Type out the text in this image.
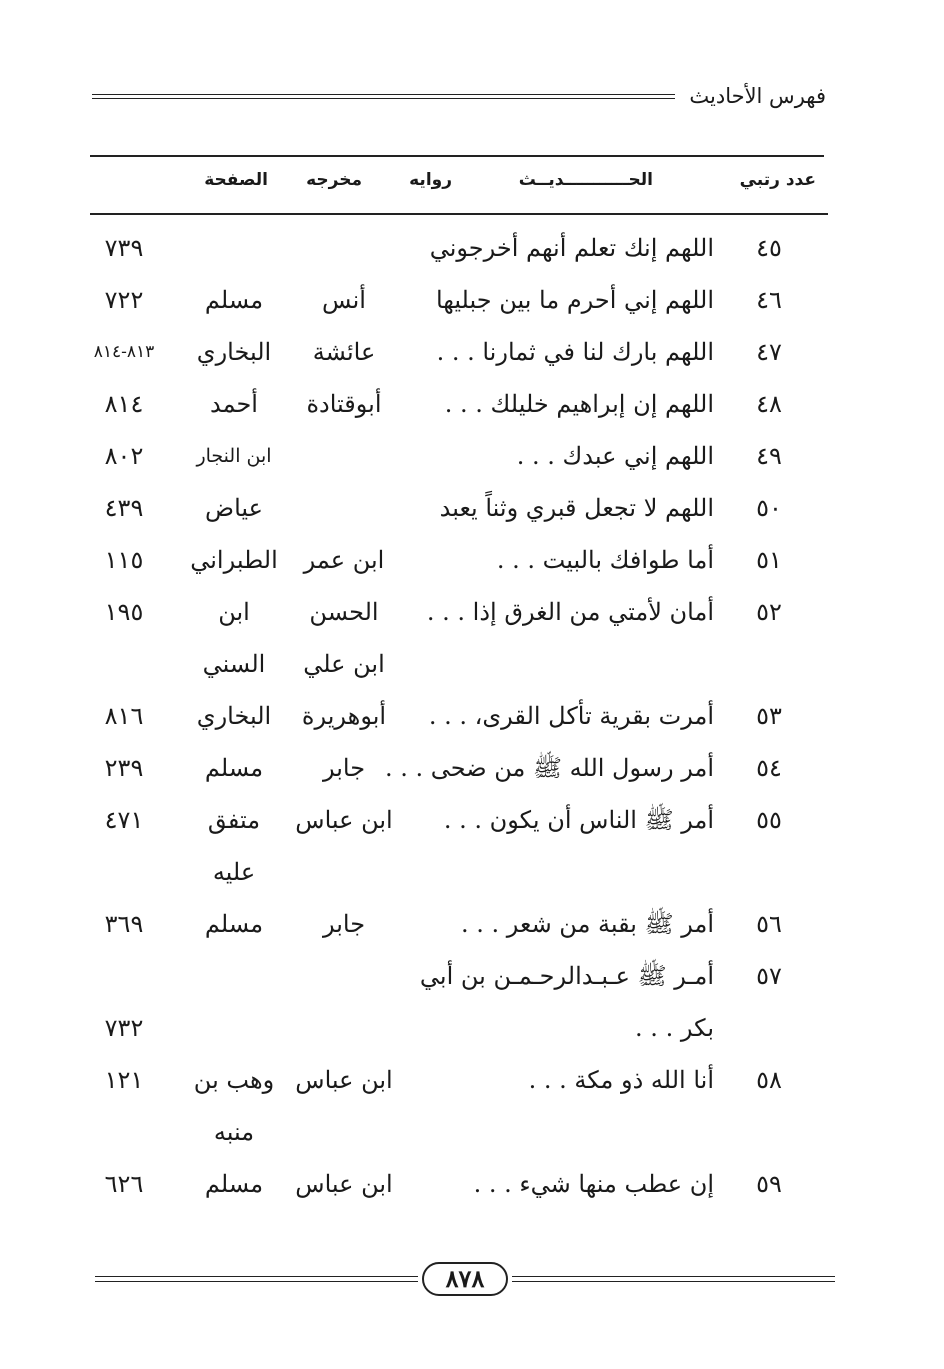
فهرس الأحاديث
عدد رتبي
الحـــــــــــديــث
روايه
مخرجه
الصفحة
٤٥
اللهم إنك تعلم أنهم أخرجوني
٧٣٩
٤٦
اللهم إني أحرم ما بين جبليها
أنس
مسلم
٧٢٢
٤٧
اللهم بارك لنا في ثمارنا . . .
عائشة
البخاري
٨١٣-٨١٤
٤٨
اللهم إن إبراهيم خليلك . . .
أبوقتادة
أحمد
٨١٤
٤٩
اللهم إني عبدك . . .
ابن النجار
٨٠٢
٥٠
اللهم لا تجعل قبري وثناً يعبد
عياض
٤٣٩
٥١
أما طوافك بالبيت . . .
ابن عمر
الطبراني
١١٥
٥٢
أمان لأمتي من الغرق إذا . . .
الحسن
ابن
١٩٥
ابن علي
السني
٥٣
أمرت بقرية تأكل القرى، . . .
أبوهريرة
البخاري
٨١٦
٥٤
أمر رسول الله ﷺ من ضحى . . .
جابر
مسلم
٢٣٩
٥٥
أمر ﷺ الناس أن يكون . . .
ابن عباس
متفق
٤٧١
عليه
٥٦
أمر ﷺ بقبة من شعر . . .
جابر
مسلم
٣٦٩
٥٧
أمـر ﷺ عـبـدالرحـمـن بن أبي
بكر . . .
٧٣٢
٥٨
أنا الله ذو مكة . . .
ابن عباس
وهب بن
١٢١
منبه
٥٩
إن عطب منها شيء . . .
ابن عباس
مسلم
٦٢٦
٨٧٨
